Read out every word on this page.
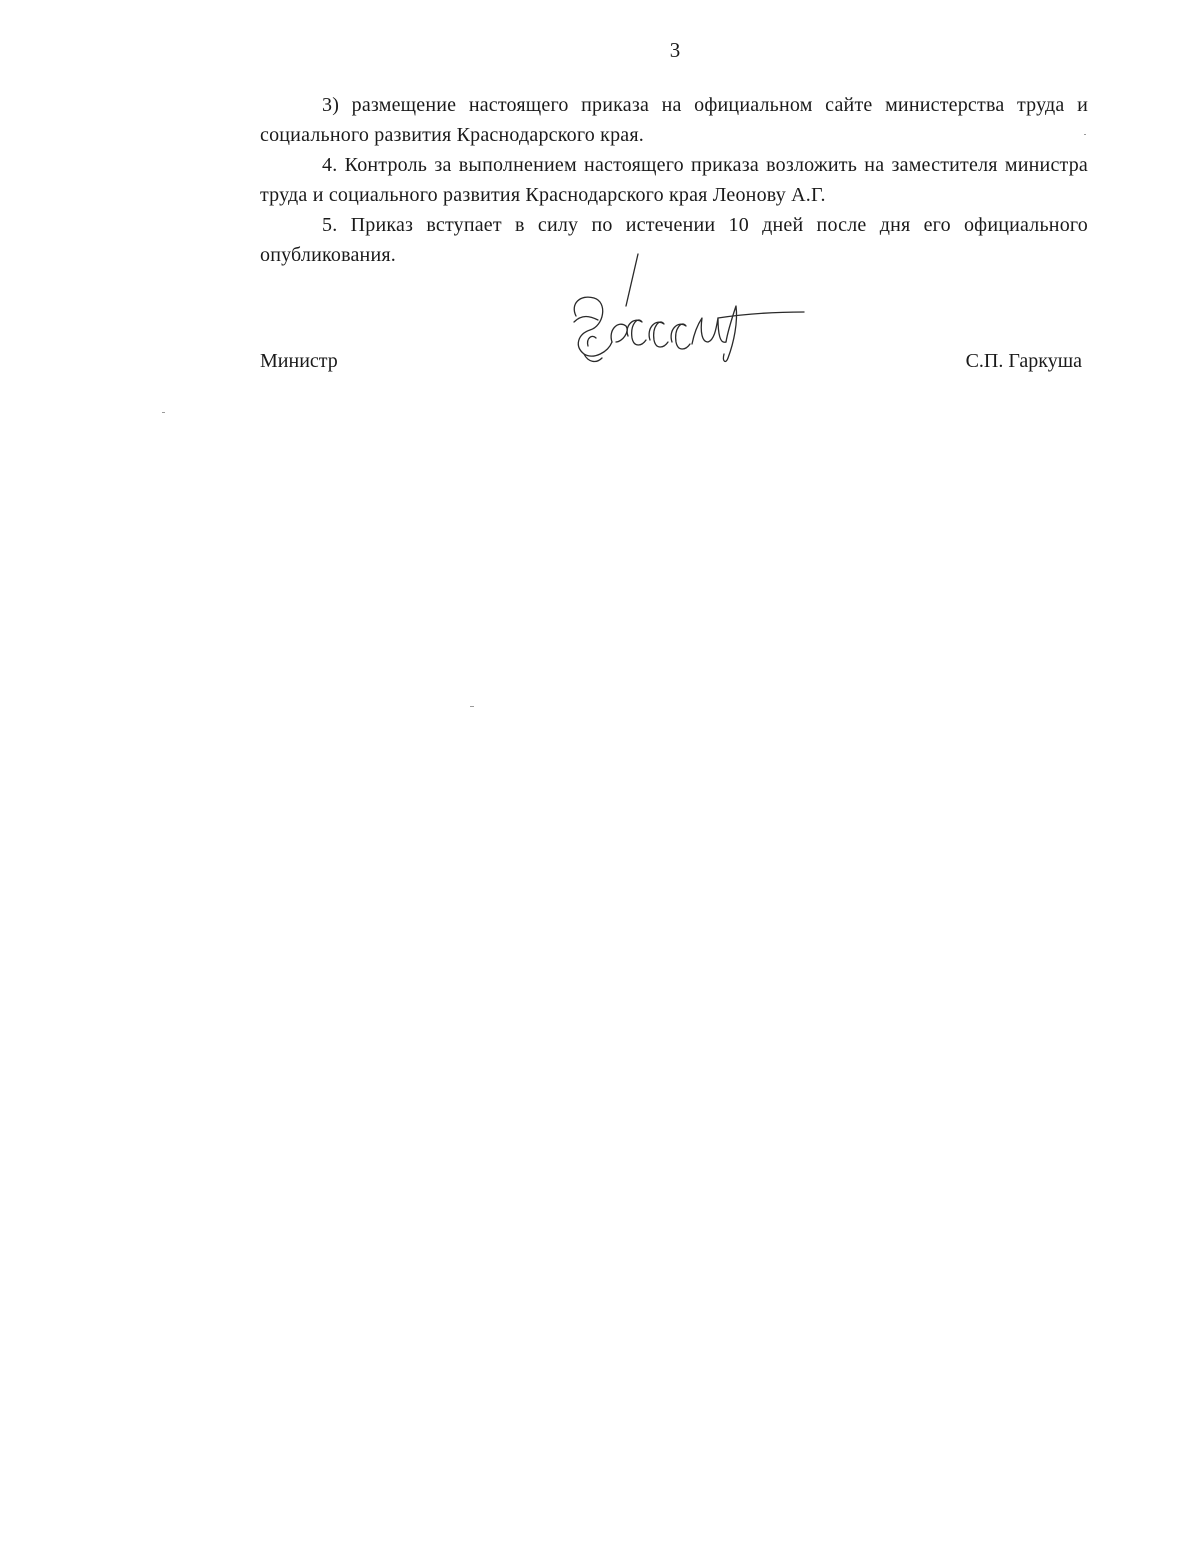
3

3) размещение настоящего приказа на официальном сайте министерства труда и социального развития Краснодарского края.

4. Контроль за выполнением настоящего приказа возложить на заместителя министра труда и социального развития Краснодарского края Леонову А.Г.

5. Приказ вступает в силу по истечении 10 дней после дня его официального опубликования.

Министр	С.П. Гаркуша
